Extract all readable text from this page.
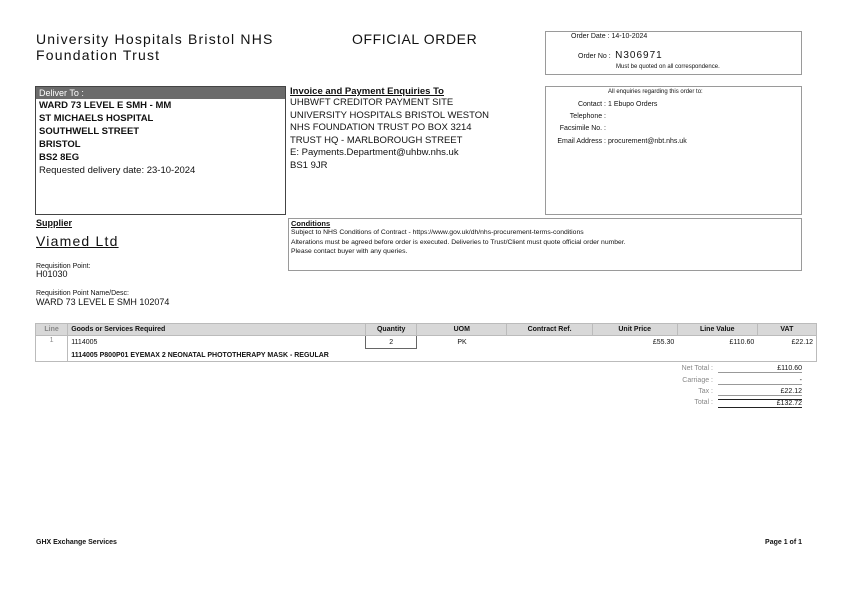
University Hospitals Bristol NHS
Foundation Trust
OFFICIAL ORDER	Order Date : 14-10-2024
Order No : N306971
Must be quoted on all correspondence.
Deliver To :
WARD 73 LEVEL E SMH - MM
ST MICHAELS HOSPITAL
SOUTHWELL STREET
BRISTOL
BS2 8EG
Requested delivery date: 23-10-2024
Invoice and Payment Enquiries To
UHBWFT CREDITOR PAYMENT SITE
UNIVERSITY HOSPITALS BRISTOL WESTON
NHS FOUNDATION TRUST PO BOX 3214
TRUST HQ - MARLBOROUGH STREET
E: Payments.Department@uhbw.nhs.uk
BS1 9JR
All enquiries regarding this order to:
Contact : 1 Ebupo Orders
Telephone :
Facsimile No. :
Email Address : procurement@nbt.nhs.uk
Supplier
Viamed Ltd
Requisition Point:
H01030
Requisition Point Name/Desc:
WARD 73 LEVEL E SMH 102074
Conditions
Subject to NHS Conditions of Contract - https://www.gov.uk/dh/nhs-procurement-terms-conditions
Alterations must be agreed before order is executed. Deliveries to Trust/Client must quote official order number.
Please contact buyer with any queries.
Line	Goods or Services Required	Quantity	UOM	Contract Ref.	Unit Price	Line Value	VAT
1	1114005	2	PK		£55.30	£110.60	£22.12
	1114005 P800P01 EYEMAX 2 NEONATAL PHOTOTHERAPY MASK - REGULAR						
Net Total :	£110.60
Carriage :	-
Tax :	£22.12
Total :	£132.72
GHX Exchange Services	Page 1 of 1
